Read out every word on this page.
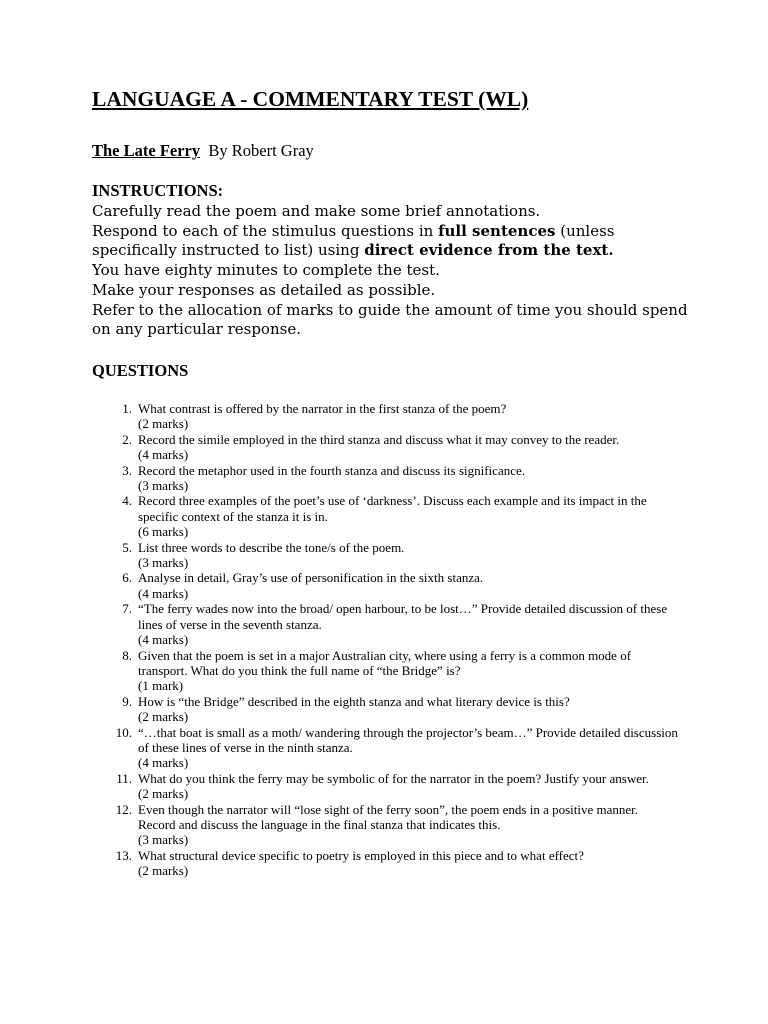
LANGUAGE A - COMMENTARY TEST (WL)
The Late Ferry By Robert Gray
INSTRUCTIONS:

Carefully read the poem and make some brief annotations.

Respond to each of the stimulus questions in full sentences (unless specifically instructed to list) using direct evidence from the text.

You have eighty minutes to complete the test.

Make your responses as detailed as possible.

Refer to the allocation of marks to guide the amount of time you should spend on any particular response.

QUESTIONS
1. What contrast is offered by the narrator in the first stanza of the poem?
(2 marks)
2. Record the simile employed in the third stanza and discuss what it may convey to the reader.
(4 marks)
3. Record the metaphor used in the fourth stanza and discuss its significance.
(3 marks)
4. Record three examples of the poet’s use of ‘darkness’. Discuss each example and its impact in the specific context of the stanza it is in.
(6 marks)
5. List three words to describe the tone/s of the poem.
(3 marks)
6. Analyse in detail, Gray’s use of personification in the sixth stanza.
(4 marks)
7. “The ferry wades now into the broad/ open harbour, to be lost…” Provide detailed discussion of these lines of verse in the seventh stanza.
(4 marks)
8. Given that the poem is set in a major Australian city, where using a ferry is a common mode of transport. What do you think the full name of “the Bridge” is?
(1 mark)
9. How is “the Bridge” described in the eighth stanza and what literary device is this?
(2 marks)
10. “…that boat is small as a moth/ wandering through the projector’s beam…” Provide detailed discussion of these lines of verse in the ninth stanza.
(4 marks)
11. What do you think the ferry may be symbolic of for the narrator in the poem? Justify your answer.
(2 marks)
12. Even though the narrator will “lose sight of the ferry soon”, the poem ends in a positive manner. Record and discuss the language in the final stanza that indicates this.
(3 marks)
13. What structural device specific to poetry is employed in this piece and to what effect?
(2 marks)
